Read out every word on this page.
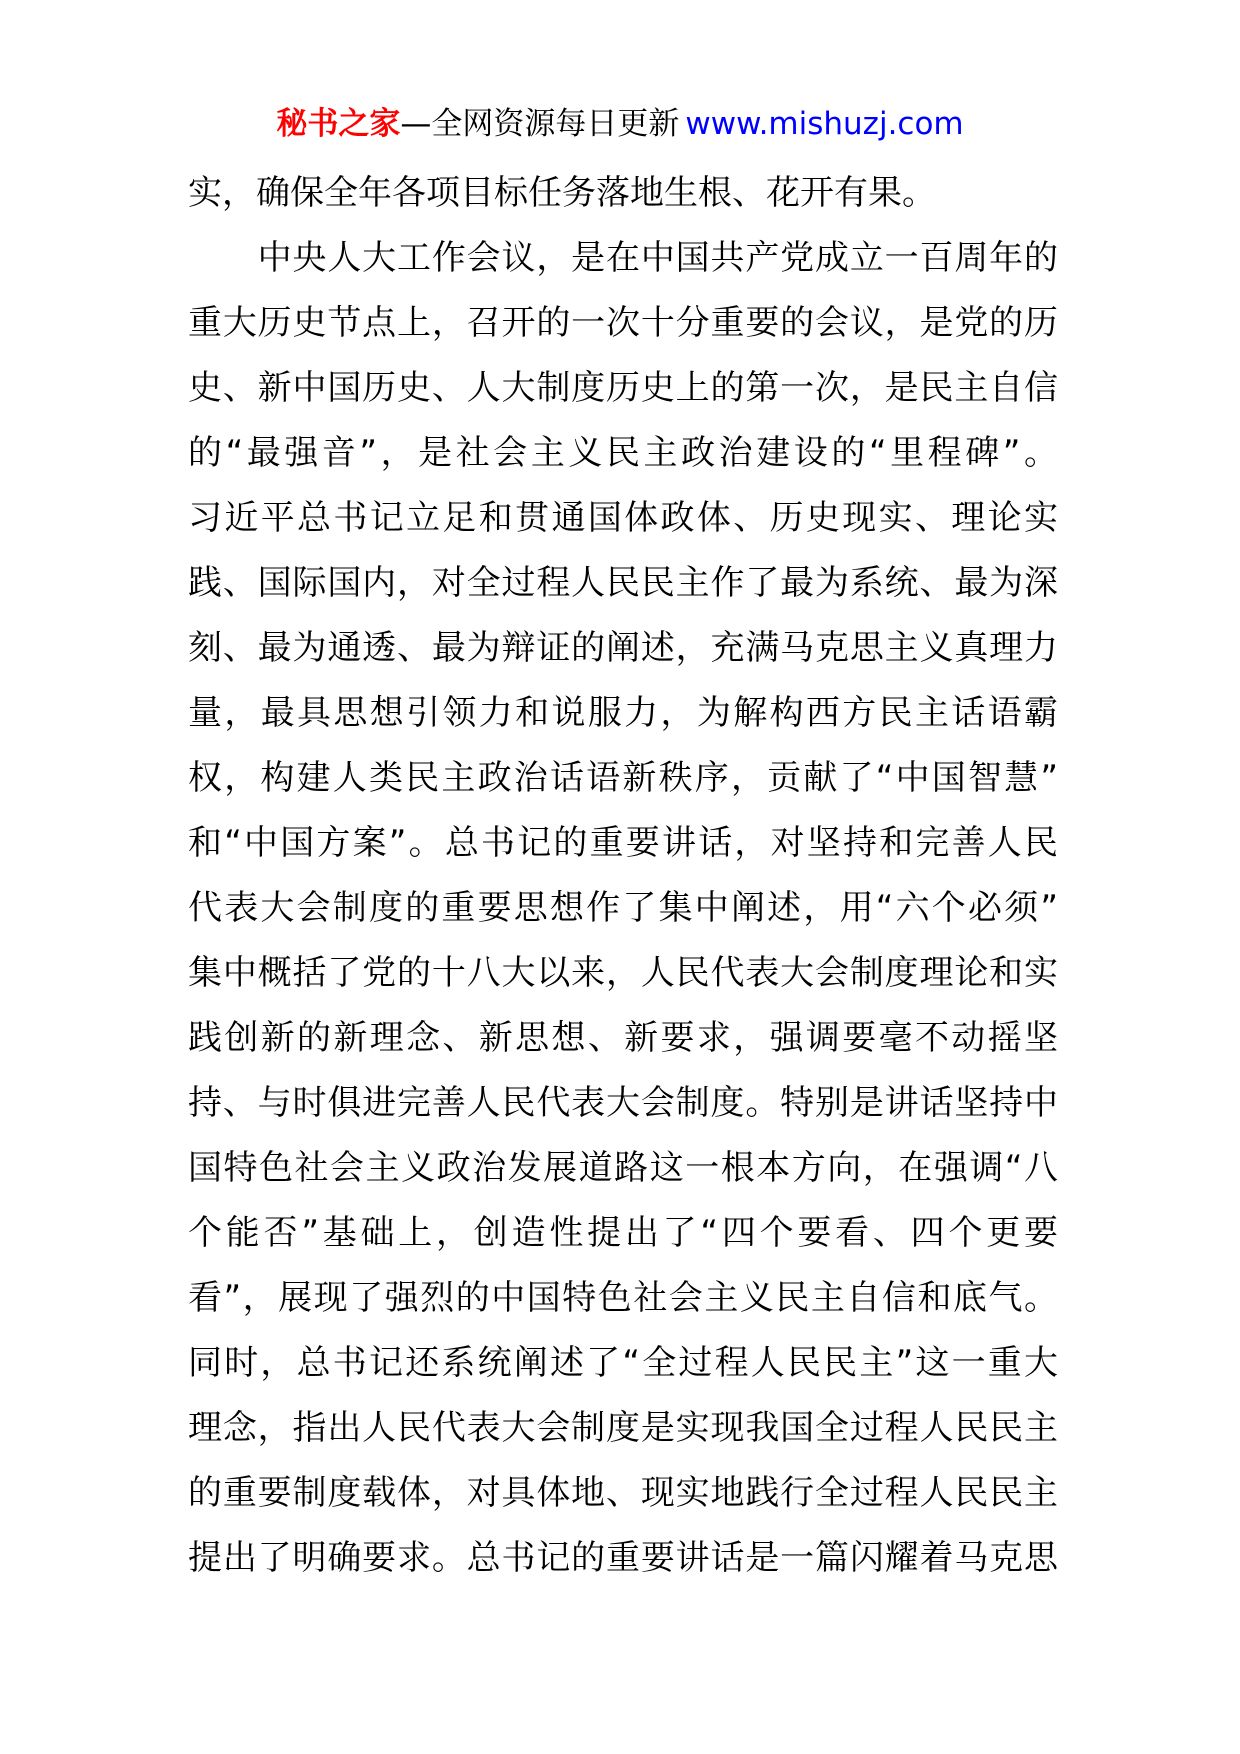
秘书之家—全网资源每日更新 www.mishuzj.com
实，确保全年各项目标任务落地生根、花开有果。
　　中央人大工作会议，是在中国共产党成立一百周年的
重大历史节点上，召开的一次十分重要的会议，是党的历
史、新中国历史、人大制度历史上的第一次，是民主自信
的“最强音”，是社会主义民主政治建设的“里程碑”。
习近平总书记立足和贯通国体政体、历史现实、理论实
践、国际国内，对全过程人民民主作了最为系统、最为深
刻、最为通透、最为辩证的阐述，充满马克思主义真理力
量，最具思想引领力和说服力，为解构西方民主话语霸
权，构建人类民主政治话语新秩序，贡献了“中国智慧”
和“中国方案”。总书记的重要讲话，对坚持和完善人民
代表大会制度的重要思想作了集中阐述，用“六个必须”
集中概括了党的十八大以来，人民代表大会制度理论和实
践创新的新理念、新思想、新要求，强调要毫不动摇坚
持、与时俱进完善人民代表大会制度。特别是讲话坚持中
国特色社会主义政治发展道路这一根本方向，在强调“八
个能否”基础上，创造性提出了“四个要看、四个更要
看”，展现了强烈的中国特色社会主义民主自信和底气。
同时，总书记还系统阐述了“全过程人民民主”这一重大
理念，指出人民代表大会制度是实现我国全过程人民民主
的重要制度载体，对具体地、现实地践行全过程人民民主
提出了明确要求。总书记的重要讲话是一篇闪耀着马克思
